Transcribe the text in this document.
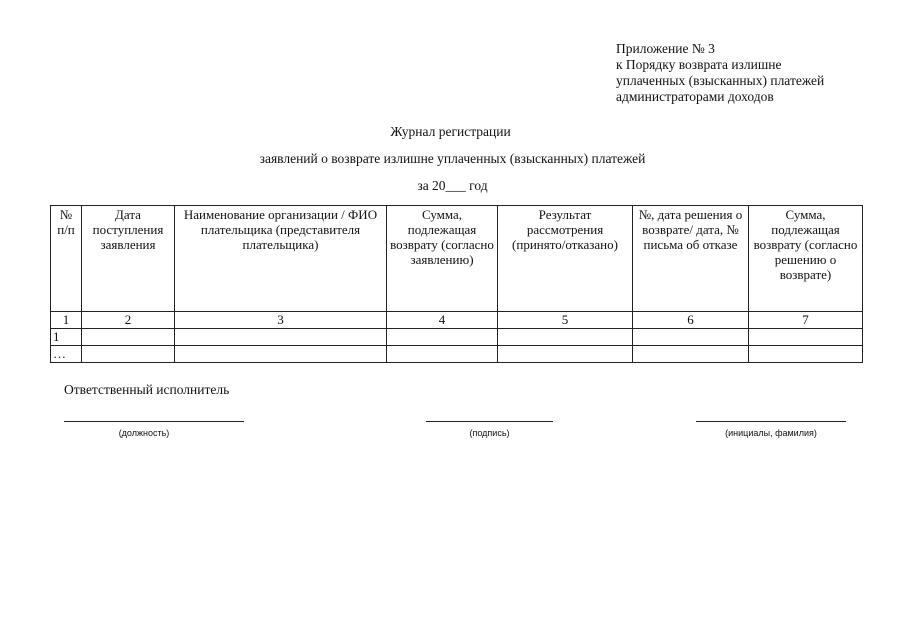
Приложение № 3
к Порядку возврата излишне
уплаченных (взысканных) платежей
администраторами доходов
Журнал регистрации
заявлений о возврате излишне уплаченных (взысканных) платежей
за 20___ год
№ п/п	Дата поступления заявления	Наименование организации / ФИО плательщика (представителя плательщика)	Сумма, подлежащая возврату (согласно заявлению)	Результат рассмотрения (принято/отказано)	№, дата решения о возврате/ дата, № письма об отказе	Сумма, подлежащая возврату (согласно решению о возврате)
1	2	3	4	5	6	7
1						
…						
Ответственный исполнитель
(должность)	(подпись)	(инициалы, фамилия)
